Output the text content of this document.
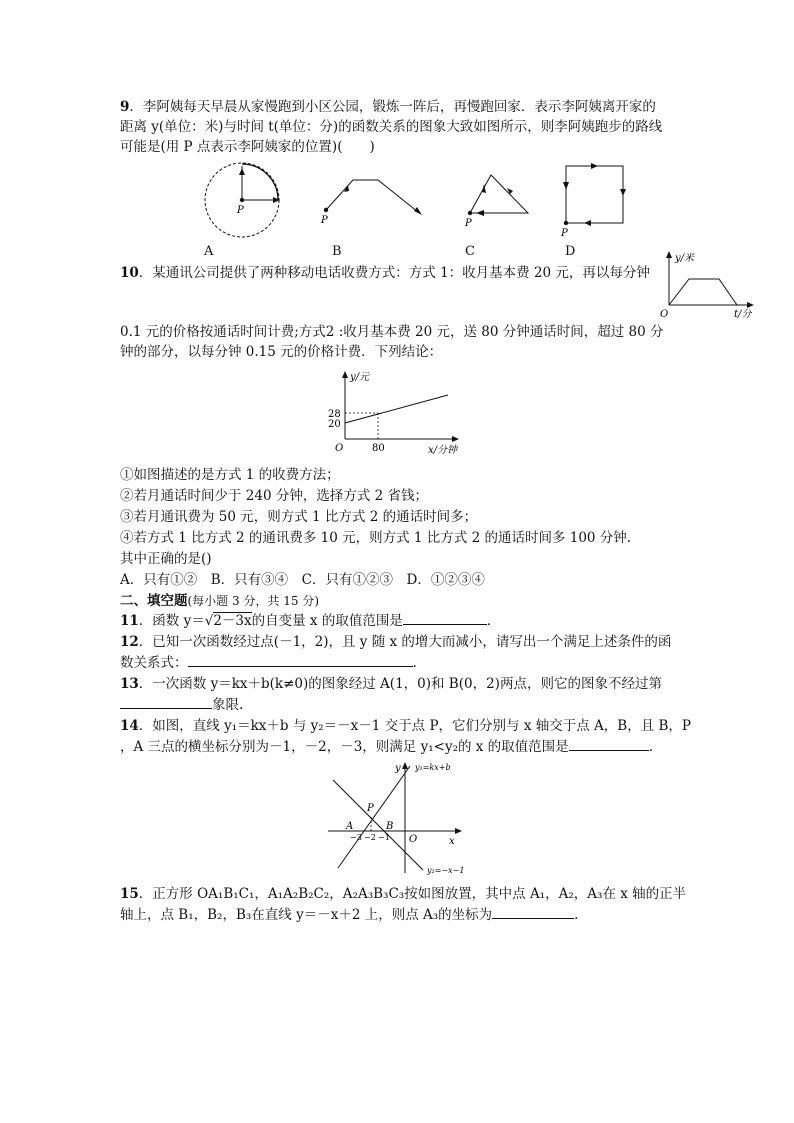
9．李阿姨每天早晨从家慢跑到小区公园，锻炼一阵后，再慢跑回家．表示李阿姨离开家的
距离 y(单位：米)与时间 t(单位：分)的函数关系的图象大致如图所示，则李阿姨跑步的路线
可能是(用 P 点表示李阿姨家的位置)(　　)
P
P	P
P
A	B	C	D	y/米
t/分
O
10．某通讯公司提供了两种移动电话收费方式：方式 1：收月基本费 20 元，再以每分钟
0.1 元的价格按通话时间计费;方式2 :收月基本费 20 元，送 80 分钟通话时间，超过 80 分
钟的部分，以每分钟 0.15 元的价格计费．下列结论：
y/元
28
20
80
O	x/分钟
①如图描述的是方式 1 的收费方法；
②若月通话时间少于 240 分钟，选择方式 2 省钱；
③若月通讯费为 50 元，则方式 1 比方式 2 的通话时间多；
④若方式 1 比方式 2 的通讯费多 10 元，则方式 1 比方式 2 的通话时间多 100 分钟.
其中正确的是()
A．只有①②　B．只有③④　C．只有①②③　D．①②③④
二、填空题(每小题 3 分，共 15 分)
11．函数 y＝√2－3x的自变量 x 的取值范围是	．
12．已知一次函数经过点(－1，2)，且 y 随 x 的增大而减小，请写出一个满足上述条件的函
数关系式：	.
13．一次函数 y＝kx＋b(k≠0)的图象经过 A(1，0)和 B(0，2)两点，则它的图象不经过第
象限.
14．如图，直线 y₁＝kx＋b 与 y₂＝－x－1 交于点 P，它们分别与 x 轴交于点 A，B，且 B，P
，A 三点的横坐标分别为－1，－2，－3，则满足 y₁<y₂的 x 的取值范围是	.
y y₁=kx+b
y₂=−x−1
P
A	B
−3 −2 −1 O	x
15．正方形 OA₁B₁C₁，A₁A₂B₂C₂，A₂A₃B₃C₃按如图放置，其中点 A₁，A₂，A₃在 x 轴的正半
轴上，点 B₁，B₂，B₃在直线 y＝－x＋2 上，则点 A₃的坐标为	.
